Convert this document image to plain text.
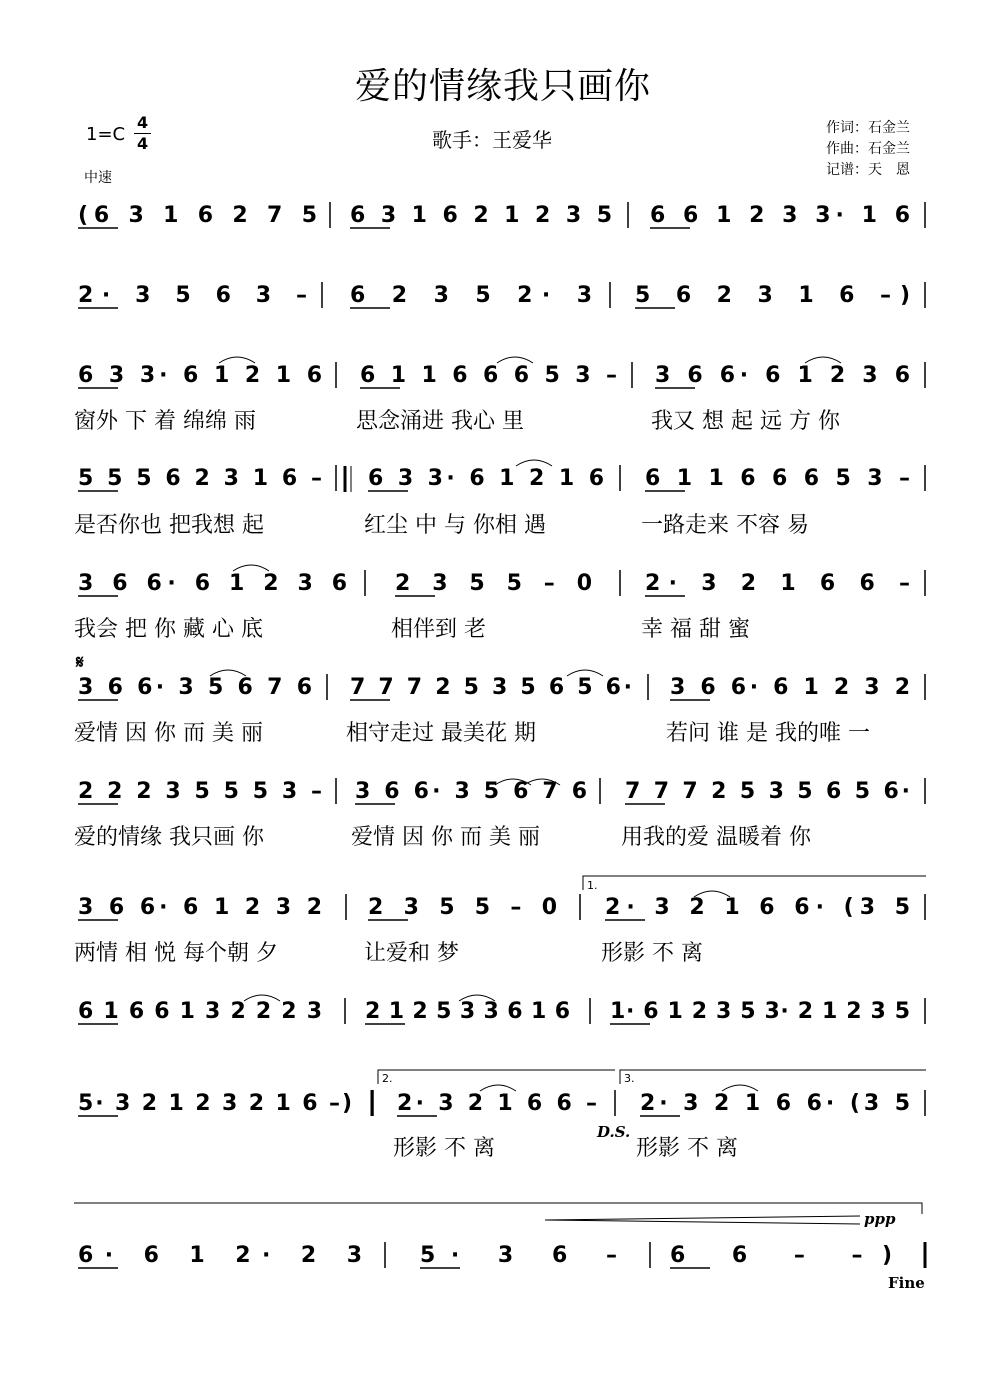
爱的情缘我只画你
1=C
4
4
中速
歌手：王爱华	作词：石金兰
作曲：石金兰
记谱：天　恩
(6 3 1 6 2 7 5 6 3 1 6 2 1 2 3 5 6 6 1 2 3 3· 1 6
2· 3 5 6 3 – 6 2 3 5 2· 3 5 6 2 3 1 6 –)
6 3 3· 6 1 2 1 6 6 1 1 6 6 6 5 3 – 3 6 6· 6 1 2 3 6
窗外 下 着 绵绵 雨	思念涌进 我心 里	我又 想 起 远 方 你
5 5 5 6 2 3 1 6 – 6 3 3· 6 1 2 1 6 6 1 1 6 6 6 5 3 –
是否你也 把我想 起	红尘 中 与 你相 遇	一路走来 不容 易
3 6 6· 6 1 2 3 6 2 3 5 5 – 0 2· 3 2 1 6 6 –
我会 把 你 藏 心 底	相伴到 老	幸 福 甜 蜜
3 6 6· 3 5 6 7 6 7 7 7 2 5 3 5 6 5 6· 3 6 6· 6 1 2 3 2
爱情 因 你 而 美 丽	相守走过 最美花 期	若问 谁 是 我的唯 一
2 2 2 3 5 5 5 3 – 3 6 6· 3 5 6 7 6 7 7 7 2 5 3 5 6 5 6·
爱的情缘 我只画 你	爱情 因 你 而 美 丽	用我的爱 温暖着 你
3 6 6· 6 1 2 3 2 2 3 5 5 – 0 2· 3 2 1 6 6· (3 5
两情 相 悦 每个朝 夕	让爱和 梦	形影 不 离
1.
6 1 6 6 1 3 2 2 2 3 2 1 2 5 3 3 6 1 6 1· 6 1 2 3 5 3· 2 1 2 3 5
5· 3 2 1 2 3 2 1 6 –) 2· 3 2 1 6 6 – 2· 3 2 1 6 6· (3 5
形影 不 离	形影 不 离
2.	3.
D.S.
6· 6 1 2· 2 3	5· 3 6 – 6 6 – –)
ppp
Fine
𝄋
